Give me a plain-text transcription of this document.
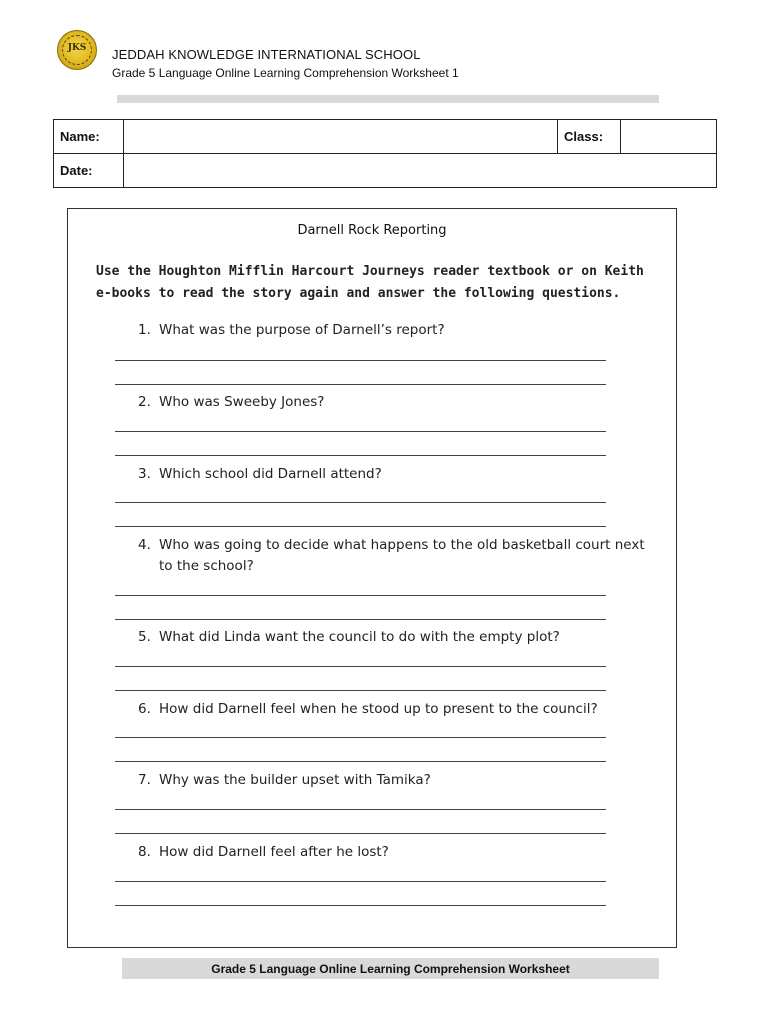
JKS	JEDDAH KNOWLEDGE INTERNATIONAL SCHOOL
Grade 5 Language Online Learning Comprehension Worksheet 1
Name:		Class:	
Date:			
Darnell Rock Reporting
Use the Houghton Mifflin Harcourt Journeys reader textbook or on Keith e-books to read the story again and answer the following questions.
1. What was the purpose of Darnell’s report?
2. Who was Sweeby Jones?
3. Which school did Darnell attend?
4. Who was going to decide what happens to the old basketball court next to the school?
5. What did Linda want the council to do with the empty plot?
6. How did Darnell feel when he stood up to present to the council?
7. Why was the builder upset with Tamika?
8. How did Darnell feel after he lost?
Grade 5 Language Online Learning Comprehension Worksheet
